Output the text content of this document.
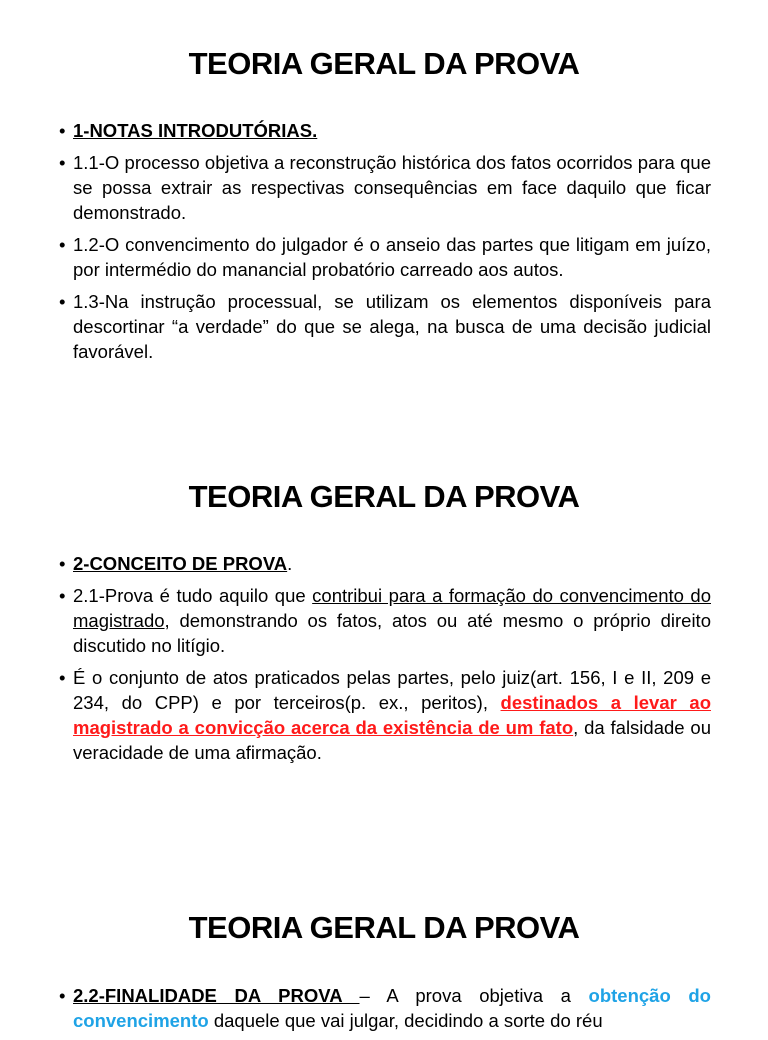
TEORIA GERAL DA PROVA
• 1-NOTAS INTRODUTÓRIAS.
• 1.1-O processo objetiva a reconstrução histórica dos fatos ocorridos para que se possa extrair as respectivas consequências em face daquilo que ficar demonstrado.
• 1.2-O convencimento do julgador é o anseio das partes que litigam em juízo, por intermédio do manancial probatório carreado aos autos.
• 1.3-Na instrução processual, se utilizam os elementos disponíveis para descortinar “a verdade” do que se alega, na busca de uma decisão judicial favorável.
TEORIA GERAL DA PROVA
• 2-CONCEITO DE PROVA.
• 2.1-Prova é tudo aquilo que contribui para a formação do convencimento do magistrado, demonstrando os fatos, atos ou até mesmo o próprio direito discutido no litígio.
• É o conjunto de atos praticados pelas partes, pelo juiz(art. 156, I e II, 209 e 234, do CPP) e por terceiros(p. ex., peritos), destinados a levar ao magistrado a convicção acerca da existência de um fato, da falsidade ou veracidade de uma afirmação.
TEORIA GERAL DA PROVA
• 2.2-FINALIDADE DA PROVA – A prova objetiva a obtenção do convencimento daquele que vai julgar, decidindo a sorte do réu
